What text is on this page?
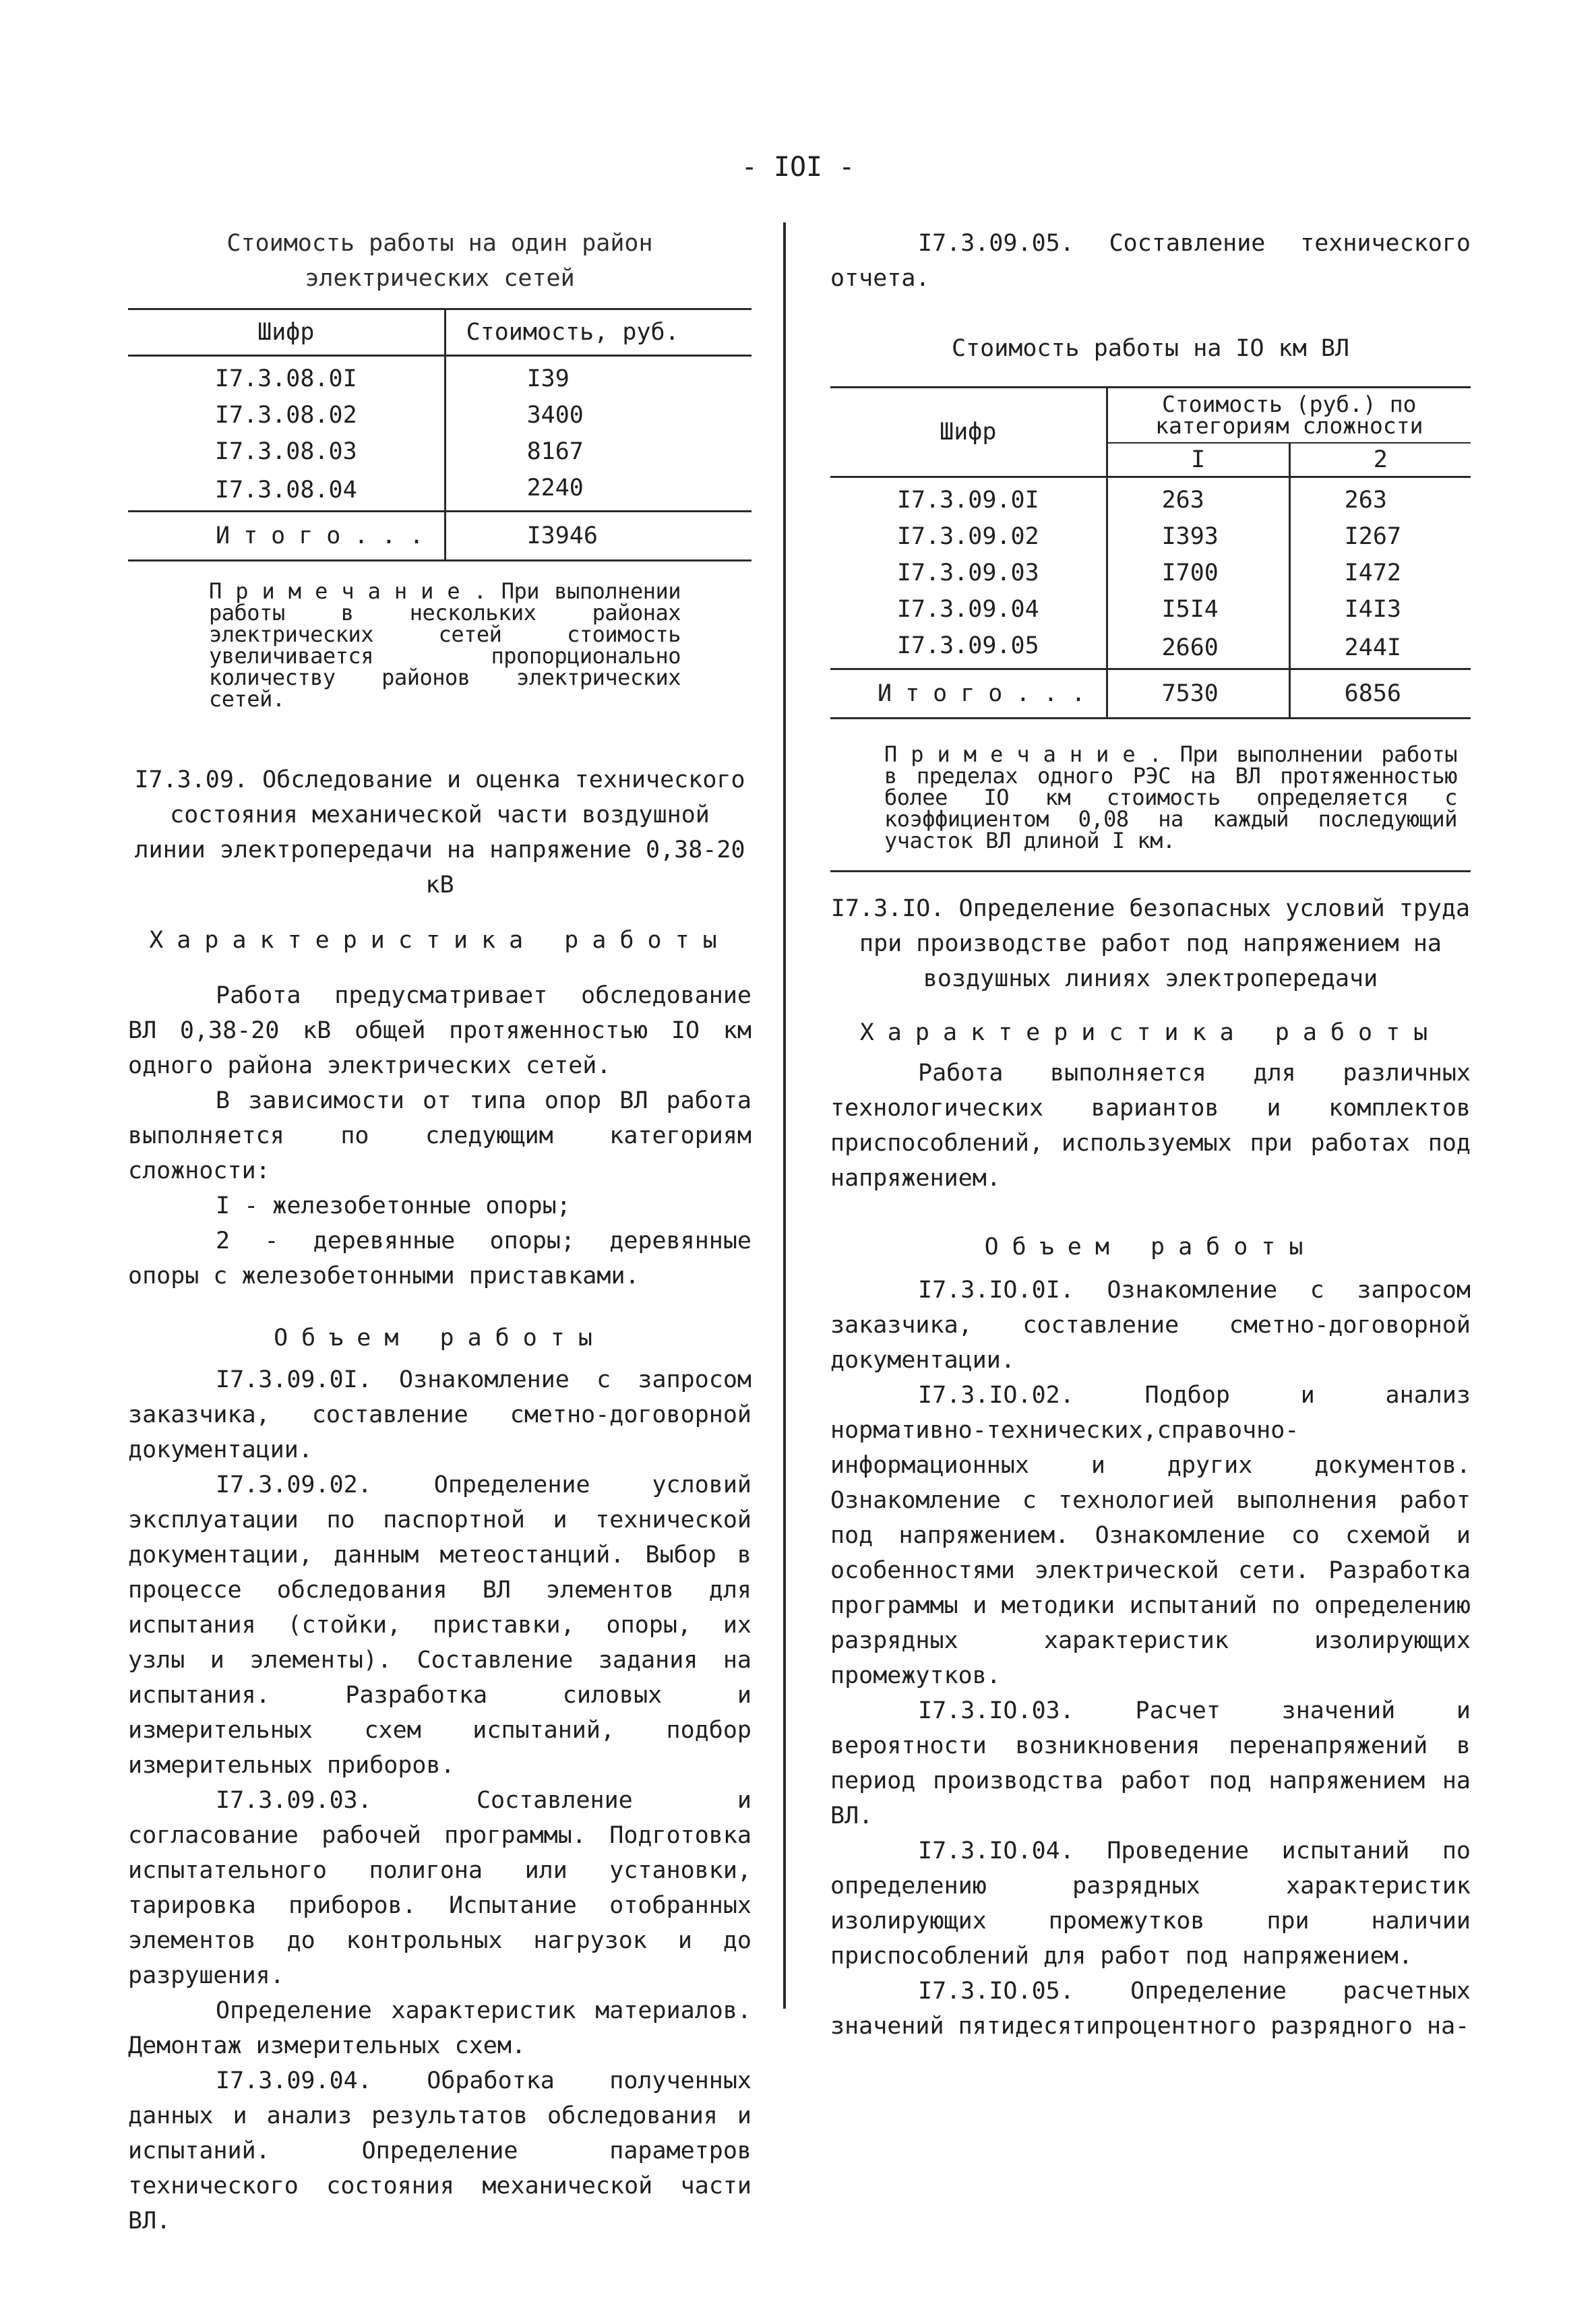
- IOI -
Стоимость работы на один район
электрических сетей
Шифр	Стоимость, руб.
I7.3.08.0I	I39
I7.3.08.02	3400
I7.3.08.03	8167
I7.3.08.04	2240
Итого...	I3946
Примечание. При выполнении работы в нескольких районах электрических сетей стоимость увеличивается пропорционально количеству районов электрических сетей.
I7.3.09. Обследование и оценка технического состояния механической части воздушной линии электропередачи на напряжение 0,38-20 кВ
Характеристика работы
Работа предусматривает обследование ВЛ 0,38-20 кВ общей протяженностью IO км одного района электрических сетей.
В зависимости от типа опор ВЛ работа выполняется по следующим категориям сложности:
I - железобетонные опоры;
2 - деревянные опоры; деревянные опоры с железобетонными приставками.
Объем работы
I7.3.09.0I. Ознакомление с запросом заказчика, составление сметно-договорной документации.
I7.3.09.02. Определение условий эксплуатации по паспортной и технической документации, данным метеостанций. Выбор в процессе обследования ВЛ элементов для испытания (стойки, приставки, опоры, их узлы и элементы). Составление задания на испытания. Разработка силовых и измерительных схем испытаний, подбор измерительных приборов.
I7.3.09.03. Составление и согласование рабочей программы. Подготовка испытательного полигона или установки, тарировка приборов. Испытание отобранных элементов до контрольных нагрузок и до разрушения.
Определение характеристик материалов. Демонтаж измерительных схем.
I7.3.09.04. Обработка полученных данных и анализ результатов обследования и испытаний. Определение параметров технического состояния механической части ВЛ.
I7.3.09.05. Составление технического отчета.
Стоимость работы на IO км ВЛ
Шифр	Стоимость (руб.) по категориям сложности	
	I	2
I7.3.09.0I	263	263
I7.3.09.02	I393	I267
I7.3.09.03	I700	I472
I7.3.09.04	I5I4	I4I3
I7.3.09.05	2660	244I
Итого...	7530	6856
Примечание. При выполнении работы в пределах одного РЭС на ВЛ протяженностью более IO км стоимость определяется с коэффициентом 0,08 на каждый последующий участок ВЛ длиной I км.
I7.3.IO. Определение безопасных условий труда при производстве работ под напряжением на воздушных линиях электропередачи
Характеристика работы
Работа выполняется для различных технологических вариантов и комплектов приспособлений, используемых при работах под напряжением.
Объем работы
I7.3.IO.0I. Ознакомление с запросом заказчика, составление сметно-договорной документации.
I7.3.IO.02. Подбор и анализ нормативно-технических,справочно-информационных и других документов. Ознакомление с технологией выполнения работ под напряжением. Ознакомление со схемой и особенностями электрической сети. Разработка программы и методики испытаний по определению разрядных характеристик изолирующих промежутков.
I7.3.IO.03. Расчет значений и вероятности возникновения перенапряжений в период производства работ под напряжением на ВЛ.
I7.3.IO.04. Проведение испытаний по определению разрядных характеристик изолирующих промежутков при наличии приспособлений для работ под напряжением.
I7.3.IO.05. Определение расчетных значений пятидесятипроцентного разрядного на-
